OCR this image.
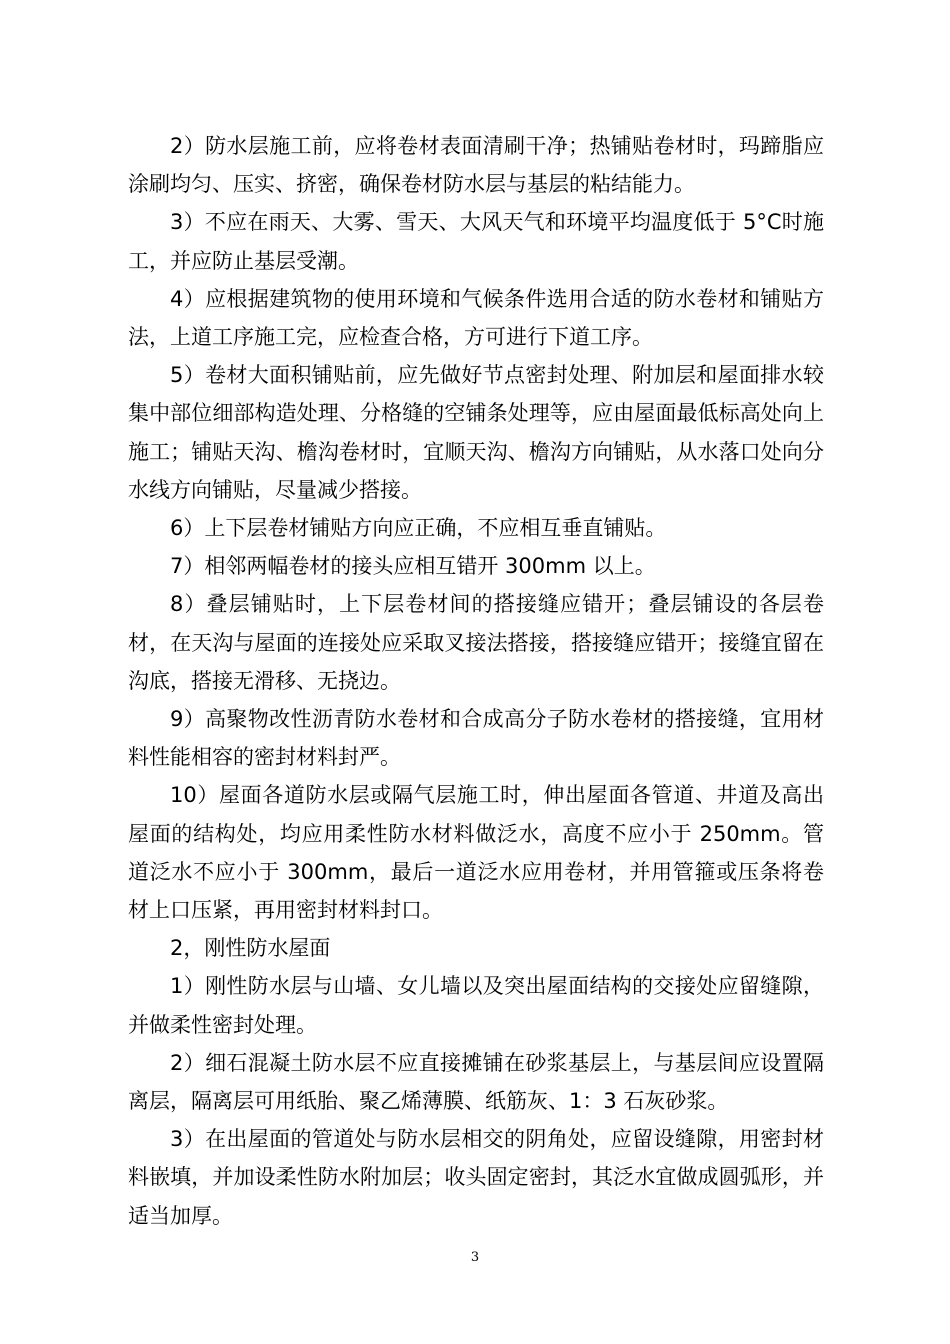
2）防水层施工前，应将卷材表面清刷干净；热铺贴卷材时，玛蹄脂应涂刷均匀、压实、挤密，确保卷材防水层与基层的粘结能力。

3）不应在雨天、大雾、雪天、大风天气和环境平均温度低于 5°C时施工，并应防止基层受潮。

4）应根据建筑物的使用环境和气候条件选用合适的防水卷材和铺贴方法，上道工序施工完，应检查合格，方可进行下道工序。

5）卷材大面积铺贴前，应先做好节点密封处理、附加层和屋面排水较集中部位细部构造处理、分格缝的空铺条处理等，应由屋面最低标高处向上施工；铺贴天沟、檐沟卷材时，宜顺天沟、檐沟方向铺贴，从水落口处向分水线方向铺贴，尽量减少搭接。

6）上下层卷材铺贴方向应正确，不应相互垂直铺贴。

7）相邻两幅卷材的接头应相互错开 300mm 以上。

8）叠层铺贴时，上下层卷材间的搭接缝应错开；叠层铺设的各层卷材，在天沟与屋面的连接处应采取叉接法搭接，搭接缝应错开；接缝宜留在沟底，搭接无滑移、无挠边。

9）高聚物改性沥青防水卷材和合成高分子防水卷材的搭接缝，宜用材料性能相容的密封材料封严。

10）屋面各道防水层或隔气层施工时，伸出屋面各管道、井道及高出屋面的结构处，均应用柔性防水材料做泛水，高度不应小于 250mm。管道泛水不应小于 300mm，最后一道泛水应用卷材，并用管箍或压条将卷材上口压紧，再用密封材料封口。

2，刚性防水屋面

1）刚性防水层与山墙、女儿墙以及突出屋面结构的交接处应留缝隙，并做柔性密封处理。

2）细石混凝土防水层不应直接摊铺在砂浆基层上，与基层间应设置隔离层，隔离层可用纸胎、聚乙烯薄膜、纸筋灰、1：3 石灰砂浆。

3）在出屋面的管道处与防水层相交的阴角处，应留设缝隙，用密封材料嵌填，并加设柔性防水附加层；收头固定密封，其泛水宜做成圆弧形，并适当加厚。

3
